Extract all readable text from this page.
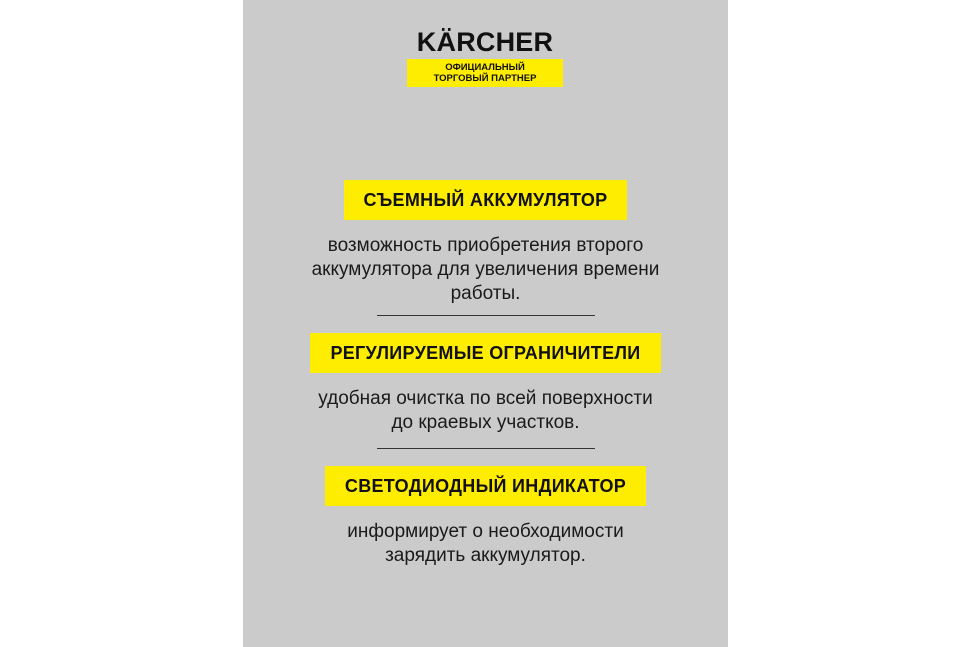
KÄRCHER
ОФИЦИАЛЬНЫЙ
ТОРГОВЫЙ ПАРТНЕР
СЪЕМНЫЙ АККУМУЛЯТОР
возможность приобретения второго
аккумулятора для увеличения времени
работы.
РЕГУЛИРУЕМЫЕ ОГРАНИЧИТЕЛИ
удобная очистка по всей поверхности
до краевых участков.
СВЕТОДИОДНЫЙ ИНДИКАТОР
информирует о необходимости
зарядить аккумулятор.
